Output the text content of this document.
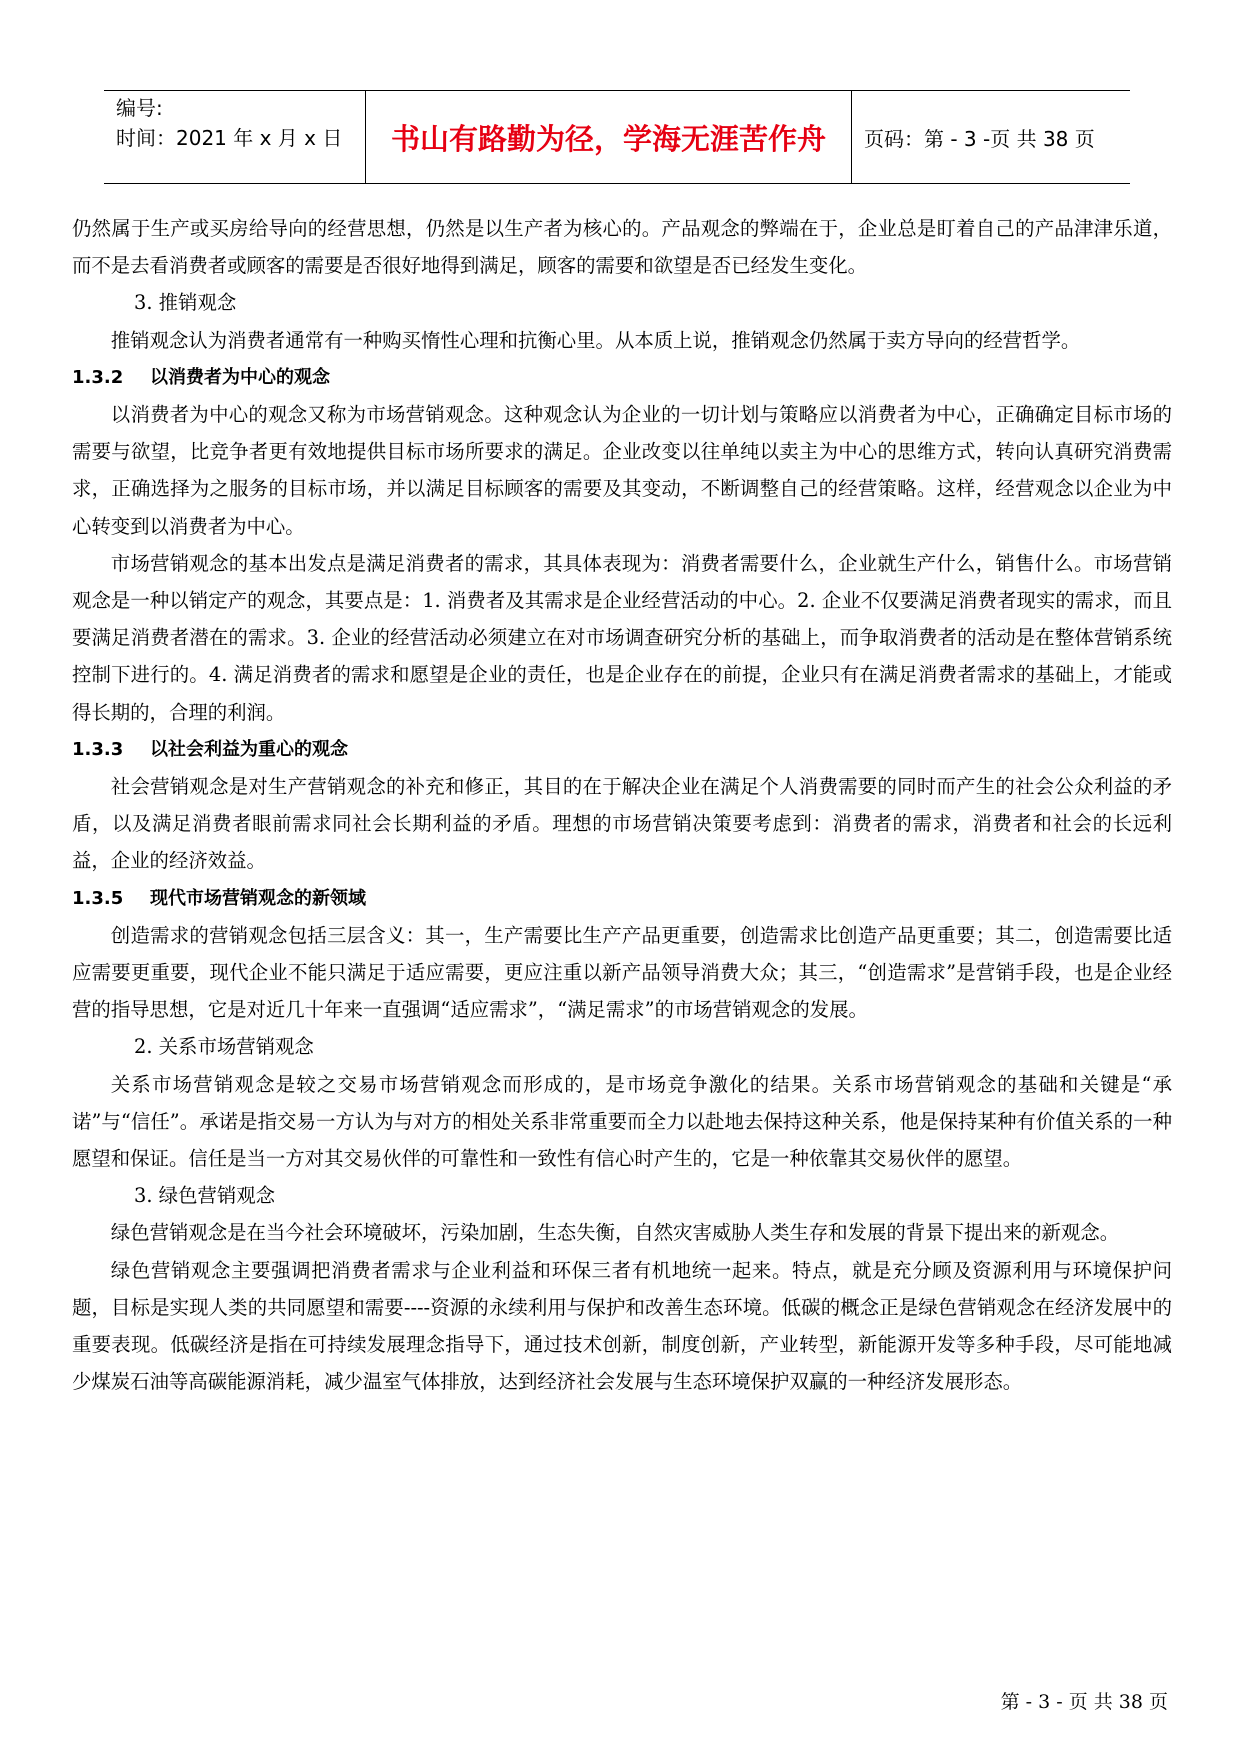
编号:
时间：2021 年 x 月 x 日	书山有路勤为径，学海无涯苦作舟	页码：第 - 3 -页 共 38 页

仍然属于生产或买房给导向的经营思想，仍然是以生产者为核心的。产品观念的弊端在于，企业总是盯着自己的产品津津乐道，而不是去看消费者或顾客的需要是否很好地得到满足，顾客的需要和欲望是否已经发生变化。

3. 推销观念

推销观念认为消费者通常有一种购买惰性心理和抗衡心里。从本质上说，推销观念仍然属于卖方导向的经营哲学。

1.3.2 以消费者为中心的观念

以消费者为中心的观念又称为市场营销观念。这种观念认为企业的一切计划与策略应以消费者为中心，正确确定目标市场的需要与欲望，比竞争者更有效地提供目标市场所要求的满足。企业改变以往单纯以卖主为中心的思维方式，转向认真研究消费需求，正确选择为之服务的目标市场，并以满足目标顾客的需要及其变动，不断调整自己的经营策略。这样，经营观念以企业为中心转变到以消费者为中心。

市场营销观念的基本出发点是满足消费者的需求，其具体表现为：消费者需要什么，企业就生产什么，销售什么。市场营销观念是一种以销定产的观念，其要点是：1. 消费者及其需求是企业经营活动的中心。2. 企业不仅要满足消费者现实的需求，而且要满足消费者潜在的需求。3. 企业的经营活动必须建立在对市场调查研究分析的基础上，而争取消费者的活动是在整体营销系统控制下进行的。4. 满足消费者的需求和愿望是企业的责任，也是企业存在的前提，企业只有在满足消费者需求的基础上，才能或得长期的，合理的利润。

1.3.3 以社会利益为重心的观念

社会营销观念是对生产营销观念的补充和修正，其目的在于解决企业在满足个人消费需要的同时而产生的社会公众利益的矛盾，以及满足消费者眼前需求同社会长期利益的矛盾。理想的市场营销决策要考虑到：消费者的需求，消费者和社会的长远利益，企业的经济效益。

1.3.5 现代市场营销观念的新领域

创造需求的营销观念包括三层含义：其一，生产需要比生产产品更重要，创造需求比创造产品更重要；其二，创造需要比适应需要更重要，现代企业不能只满足于适应需要，更应注重以新产品领导消费大众；其三，“创造需求”是营销手段，也是企业经营的指导思想，它是对近几十年来一直强调“适应需求”，“满足需求”的市场营销观念的发展。

2. 关系市场营销观念

关系市场营销观念是较之交易市场营销观念而形成的，是市场竞争激化的结果。关系市场营销观念的基础和关键是“承诺”与“信任”。承诺是指交易一方认为与对方的相处关系非常重要而全力以赴地去保持这种关系，他是保持某种有价值关系的一种愿望和保证。信任是当一方对其交易伙伴的可靠性和一致性有信心时产生的，它是一种依靠其交易伙伴的愿望。

3. 绿色营销观念

绿色营销观念是在当今社会环境破坏，污染加剧，生态失衡，自然灾害威胁人类生存和发展的背景下提出来的新观念。

绿色营销观念主要强调把消费者需求与企业利益和环保三者有机地统一起来。特点，就是充分顾及资源利用与环境保护问题，目标是实现人类的共同愿望和需要----资源的永续利用与保护和改善生态环境。低碳的概念正是绿色营销观念在经济发展中的重要表现。低碳经济是指在可持续发展理念指导下，通过技术创新，制度创新，产业转型，新能源开发等多种手段，尽可能地减少煤炭石油等高碳能源消耗，减少温室气体排放，达到经济社会发展与生态环境保护双赢的一种经济发展形态。

第 - 3 - 页 共 38 页
